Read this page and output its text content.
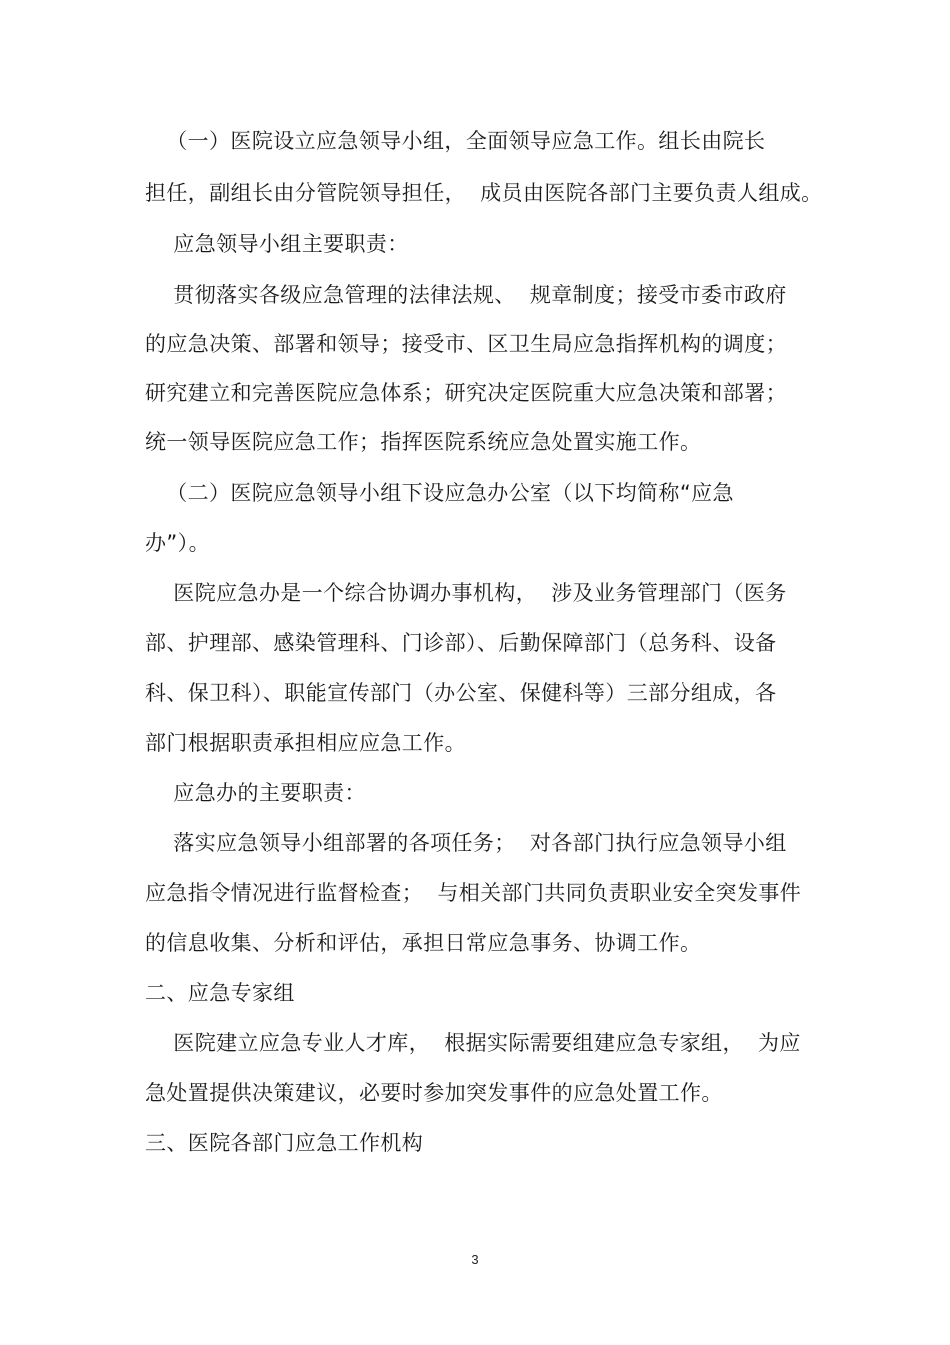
（一）医院设立应急领导小组，全面领导应急工作。组长由院长
担任，副组长由分管院领导担任，  成员由医院各部门主要负责人组成。
应急领导小组主要职责：
贯彻落实各级应急管理的法律法规、  规章制度；接受市委市政府
的应急决策、部署和领导；接受市、区卫生局应急指挥机构的调度；
研究建立和完善医院应急体系；研究决定医院重大应急决策和部署；
统一领导医院应急工作；指挥医院系统应急处置实施工作。
（二）医院应急领导小组下设应急办公室（以下均简称“应急
办”）。
医院应急办是一个综合协调办事机构，  涉及业务管理部门（医务
部、护理部、感染管理科、门诊部）、后勤保障部门（总务科、设备
科、保卫科）、职能宣传部门（办公室、保健科等）三部分组成，各
部门根据职责承担相应应急工作。
应急办的主要职责：
落实应急领导小组部署的各项任务；  对各部门执行应急领导小组
应急指令情况进行监督检查；  与相关部门共同负责职业安全突发事件
的信息收集、分析和评估，承担日常应急事务、协调工作。
二、应急专家组
医院建立应急专业人才库，  根据实际需要组建应急专家组，  为应
急处置提供决策建议，必要时参加突发事件的应急处置工作。
三、医院各部门应急工作机构
3
